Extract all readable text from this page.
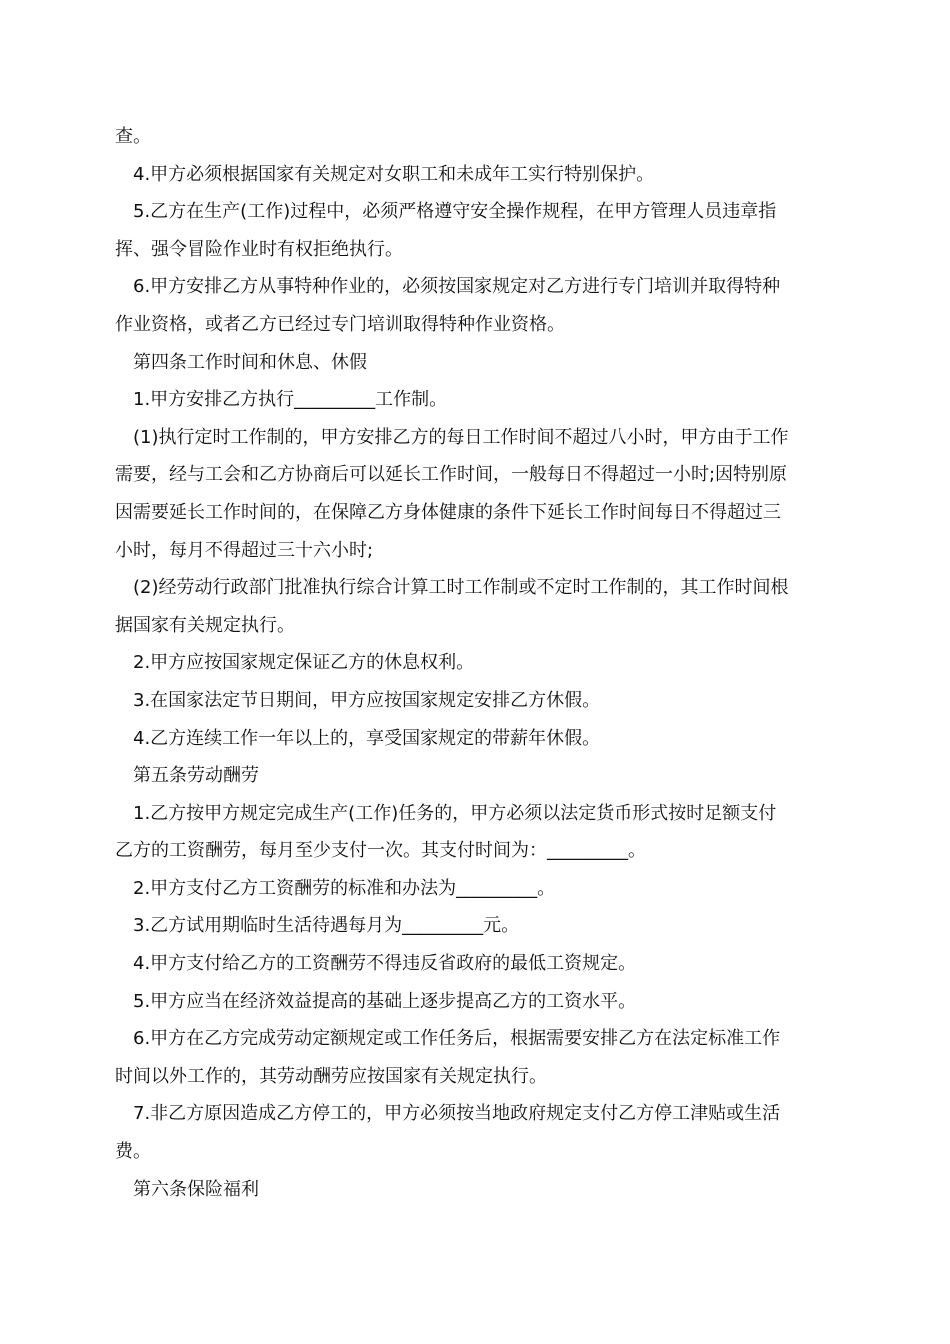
查。

4.甲方必须根据国家有关规定对女职工和未成年工实行特别保护。

5.乙方在生产(工作)过程中，必须严格遵守安全操作规程，在甲方管理人员违章指

挥、强令冒险作业时有权拒绝执行。

6.甲方安排乙方从事特种作业的，必须按国家规定对乙方进行专门培训并取得特种

作业资格，或者乙方已经过专门培训取得特种作业资格。

第四条工作时间和休息、休假

1.甲方安排乙方执行_________工作制。

(1)执行定时工作制的，甲方安排乙方的每日工作时间不超过八小时，甲方由于工作

需要，经与工会和乙方协商后可以延长工作时间，一般每日不得超过一小时;因特别原

因需要延长工作时间的，在保障乙方身体健康的条件下延长工作时间每日不得超过三

小时，每月不得超过三十六小时;

(2)经劳动行政部门批准执行综合计算工时工作制或不定时工作制的，其工作时间根

据国家有关规定执行。

2.甲方应按国家规定保证乙方的休息权利。

3.在国家法定节日期间，甲方应按国家规定安排乙方休假。

4.乙方连续工作一年以上的，享受国家规定的带薪年休假。

第五条劳动酬劳

1.乙方按甲方规定完成生产(工作)任务的，甲方必须以法定货币形式按时足额支付

乙方的工资酬劳，每月至少支付一次。其支付时间为：_________。

2.甲方支付乙方工资酬劳的标准和办法为_________。

3.乙方试用期临时生活待遇每月为_________元。

4.甲方支付给乙方的工资酬劳不得违反省政府的最低工资规定。

5.甲方应当在经济效益提高的基础上逐步提高乙方的工资水平。

6.甲方在乙方完成劳动定额规定或工作任务后，根据需要安排乙方在法定标准工作

时间以外工作的，其劳动酬劳应按国家有关规定执行。

7.非乙方原因造成乙方停工的，甲方必须按当地政府规定支付乙方停工津贴或生活

费。

第六条保险福利
